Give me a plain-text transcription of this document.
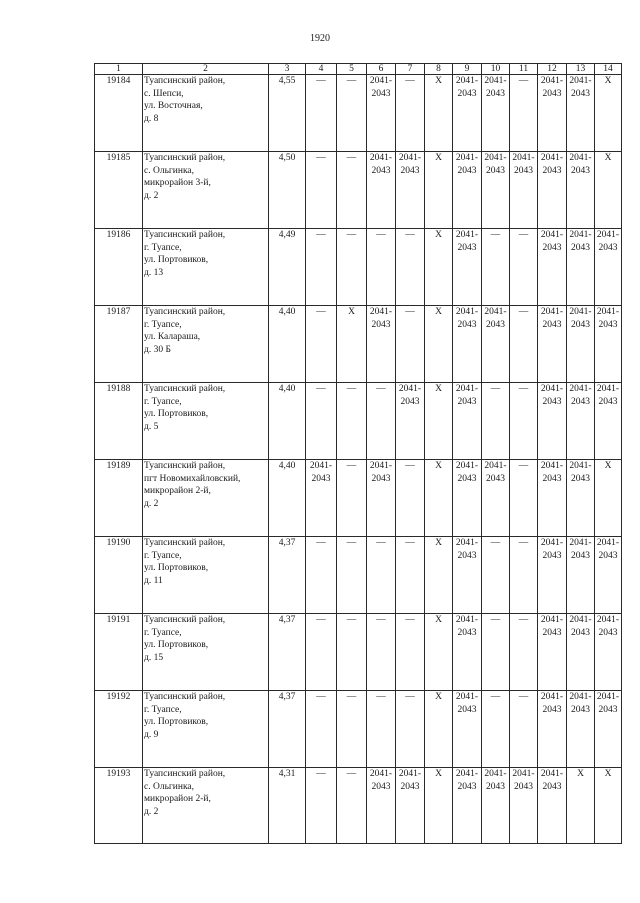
1920
1	2	3	4	5	6	7	8	9	10	11	12	13	14
19184	Туапсинский район,
с. Шепси,
ул. Восточная,
д. 8	4,55	—	—	2041-
2043	—	X	2041-
2043	2041-
2043	—	2041-
2043	2041-
2043	X
19185	Туапсинский район,
с. Ольгинка,
микрорайон 3-й,
д. 2	4,50	—	—	2041-
2043	2041-
2043	X	2041-
2043	2041-
2043	2041-
2043	2041-
2043	2041-
2043	X
19186	Туапсинский район,
г. Туапсе,
ул. Портовиков,
д. 13	4,49	—	—	—	—	X	2041-
2043	—	—	2041-
2043	2041-
2043	2041-
2043
19187	Туапсинский район,
г. Туапсе,
ул. Калараша,
д. 30 Б	4,40	—	X	2041-
2043	—	X	2041-
2043	2041-
2043	—	2041-
2043	2041-
2043	2041-
2043
19188	Туапсинский район,
г. Туапсе,
ул. Портовиков,
д. 5	4,40	—	—	—	2041-
2043	X	2041-
2043	—	—	2041-
2043	2041-
2043	2041-
2043
19189	Туапсинский район,
пгт Новомихайловский,
микрорайон 2-й,
д. 2	4,40	2041-
2043	—	2041-
2043	—	X	2041-
2043	2041-
2043	—	2041-
2043	2041-
2043	X
19190	Туапсинский район,
г. Туапсе,
ул. Портовиков,
д. 11	4,37	—	—	—	—	X	2041-
2043	—	—	2041-
2043	2041-
2043	2041-
2043
19191	Туапсинский район,
г. Туапсе,
ул. Портовиков,
д. 15	4,37	—	—	—	—	X	2041-
2043	—	—	2041-
2043	2041-
2043	2041-
2043
19192	Туапсинский район,
г. Туапсе,
ул. Портовиков,
д. 9	4,37	—	—	—	—	X	2041-
2043	—	—	2041-
2043	2041-
2043	2041-
2043
19193	Туапсинский район,
с. Ольгинка,
микрорайон 2-й,
д. 2	4,31	—	—	2041-
2043	2041-
2043	X	2041-
2043	2041-
2043	2041-
2043	2041-
2043	X	X
